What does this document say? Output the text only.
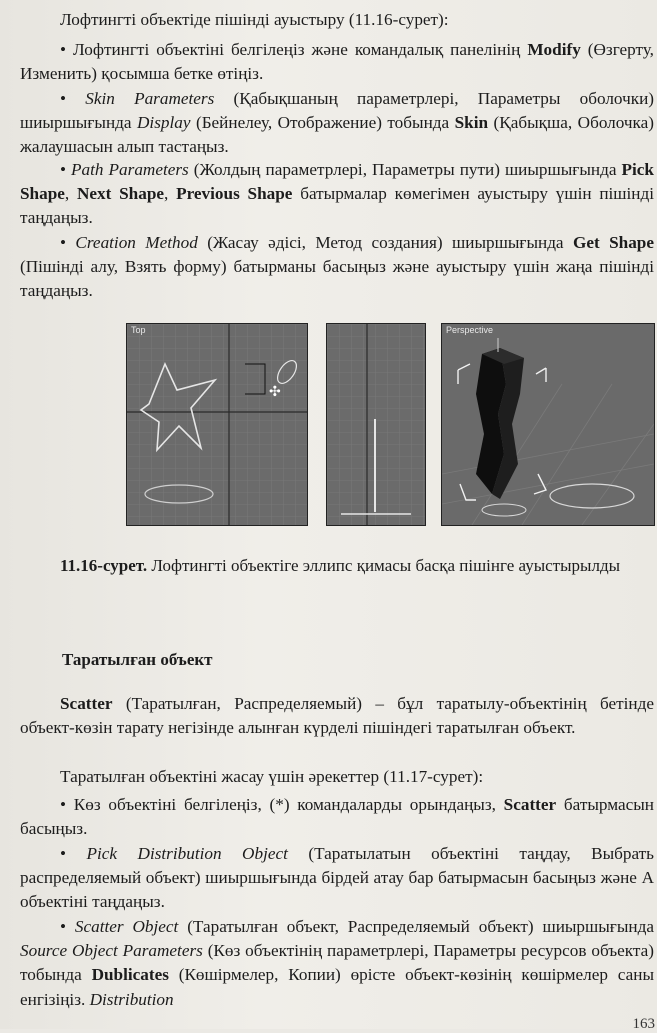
Лофтингті объектіде пішінді ауыстыру (11.16-сурет):

• Лофтингті объектіні белгілеңіз және командалық панелінің Modify (Өзгерту, Изменить) қосымша бетке өтіңіз.

• Skin Parameters (Қабықшаның параметрлері, Параметры оболочки) шиыршығында Display (Бейнелеу, Отображение) тобында Skin (Қабықша, Оболочка) жалаушасын алып тастаңыз.

• Path Parameters (Жолдың параметрлері, Параметры пути) шиыршығында Pick Shape, Next Shape, Previous Shape батырмалар көмегімен ауыстыру үшін пішінді таңдаңыз.

• Creation Method (Жасау әдісі, Метод создания) шиыршығында Get Shape (Пішінді алу, Взять форму) батырманы басыңыз және ауыстыру үшін жаңа пішінді таңдаңыз.

✣
Top	Perspective
11.16-сурет. Лофтингті объектіге эллипс қимасы басқа пішінге ауыстырылды
Таратылған объект

Scatter (Таратылған, Распределяемый) – бұл таратылу-объектінің бетінде объект-көзін тарату негізінде алынған күрделі пішіндегі таратылған объект.

Таратылған объектіні жасау үшін әрекеттер (11.17-сурет):

• Көз объектіні белгілеңіз, (*) командаларды орындаңыз, Scatter батырмасын басыңыз.

• Pick Distribution Object (Таратылатын объектіні таңдау, Выбрать распределяемый объект) шиыршығында бірдей атау бар батырмасын басыңыз және А объектіні таңдаңыз.

• Scatter Object (Таратылған объект, Распределяемый объект) шиыршығында Source Object Parameters (Көз объектінің параметрлері, Параметры ресурсов объекта) тобында Dublicates (Көшірмелер, Копии) өрісте объект-көзінің көшірмелер саны енгізіңіз. Distribution

163
